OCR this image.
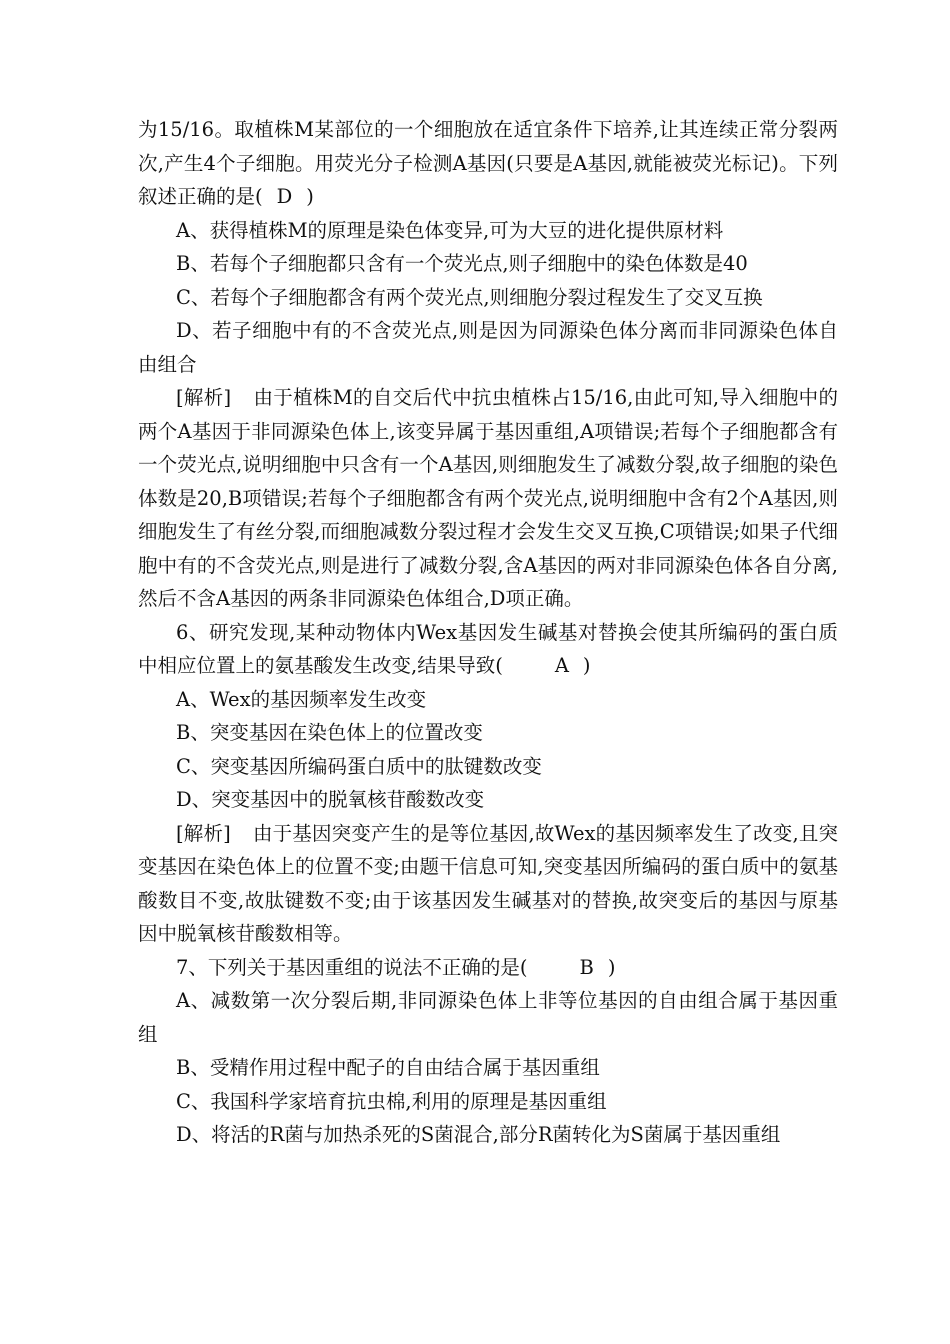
为15/16。取植株M某部位的一个细胞放在适宜条件下培养,让其连续正常分裂两次,产生4个子细胞。用荧光分子检测A基因(只要是A基因,就能被荧光标记)。下列叙述正确的是( D )

A、获得植株M的原理是染色体变异,可为大豆的进化提供原材料

B、若每个子细胞都只含有一个荧光点,则子细胞中的染色体数是40

C、若每个子细胞都含有两个荧光点,则细胞分裂过程发生了交叉互换

D、若子细胞中有的不含荧光点,则是因为同源染色体分离而非同源染色体自由组合

[解析] 由于植株M的自交后代中抗虫植株占15/16,由此可知,导入细胞中的两个A基因于非同源染色体上,该变异属于基因重组,A项错误;若每个子细胞都含有一个荧光点,说明细胞中只含有一个A基因,则细胞发生了减数分裂,故子细胞的染色体数是20,B项错误;若每个子细胞都含有两个荧光点,说明细胞中含有2个A基因,则细胞发生了有丝分裂,而细胞减数分裂过程才会发生交叉互换,C项错误;如果子代细胞中有的不含荧光点,则是进行了减数分裂,含A基因的两对非同源染色体各自分离,然后不含A基因的两条非同源染色体组合,D项正确。

6、研究发现,某种动物体内Wex基因发生碱基对替换会使其所编码的蛋白质中相应位置上的氨基酸发生改变,结果导致(	A )

A、Wex的基因频率发生改变

B、突变基因在染色体上的位置改变

C、突变基因所编码蛋白质中的肽键数改变

D、突变基因中的脱氧核苷酸数改变

[解析] 由于基因突变产生的是等位基因,故Wex的基因频率发生了改变,且突变基因在染色体上的位置不变;由题干信息可知,突变基因所编码的蛋白质中的氨基酸数目不变,故肽键数不变;由于该基因发生碱基对的替换,故突变后的基因与原基因中脱氧核苷酸数相等。

7、下列关于基因重组的说法不正确的是(	B )

A、减数第一次分裂后期,非同源染色体上非等位基因的自由组合属于基因重组

B、受精作用过程中配子的自由结合属于基因重组

C、我国科学家培育抗虫棉,利用的原理是基因重组

D、将活的R菌与加热杀死的S菌混合,部分R菌转化为S菌属于基因重组
